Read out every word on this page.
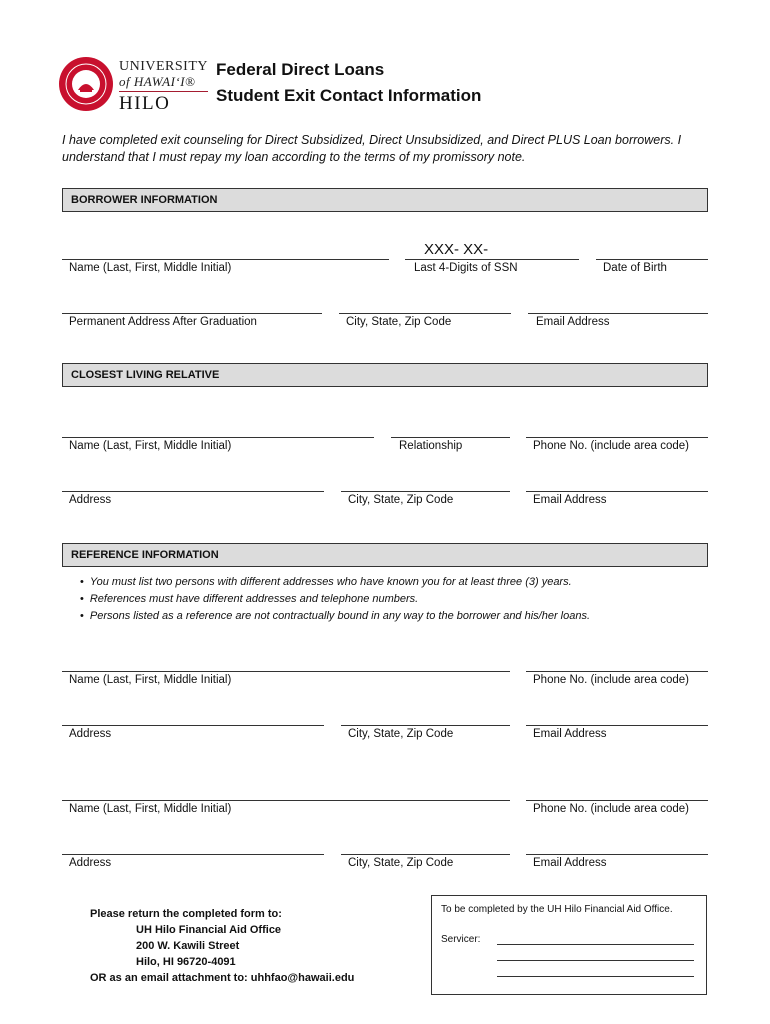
UNIVERSITY
of HAWAI‘I®
HILO
Federal Direct Loans
Student Exit Contact Information
I have completed exit counseling for Direct Subsidized, Direct Unsubsidized, and Direct PLUS Loan borrowers. I understand that I must repay my loan according to the terms of my promissory note.
BORROWER INFORMATION
XXX- XX-
Name (Last, First, Middle Initial)	Last 4-Digits of SSN	Date of Birth
Permanent Address After Graduation	City, State, Zip Code	Email Address
CLOSEST LIVING RELATIVE
Name (Last, First, Middle Initial)	Relationship	Phone No. (include area code)
Address	City, State, Zip Code	Email Address
REFERENCE INFORMATION
• You must list two persons with different addresses who have known you for at least three (3) years.
• References must have different addresses and telephone numbers.
• Persons listed as a reference are not contractually bound in any way to the borrower and his/her loans.
Name (Last, First, Middle Initial)	Phone No. (include area code)
Address	City, State, Zip Code	Email Address
Name (Last, First, Middle Initial)	Phone No. (include area code)
Address	City, State, Zip Code	Email Address
Please return the completed form to:
UH Hilo Financial Aid Office
200 W. Kawili Street
Hilo, HI 96720-4091
OR as an email attachment to: uhhfao@hawaii.edu
To be completed by the UH Hilo Financial Aid Office.
Servicer:
